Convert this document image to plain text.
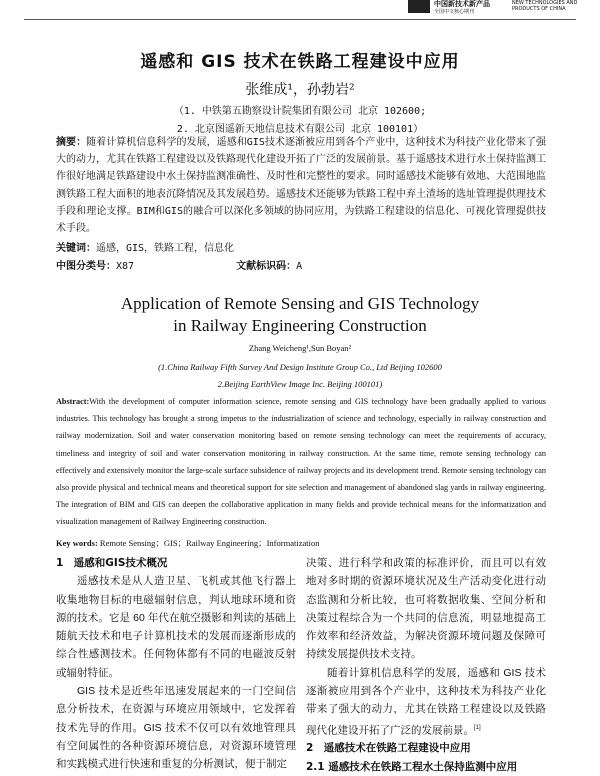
中国新技术新产品
全国中文核心期刊
NEW TECHNOLOGIES AND PRODUCTS OF CHINA
遥感和 GIS 技术在铁路工程建设中应用
张维成¹，孙勃岩²
（1. 中铁第五勘察设计院集团有限公司 北京 102600;
2. 北京图遥新天地信息技术有限公司 北京 100101）
摘要：随着计算机信息科学的发展，遥感和GIS技术逐渐被应用到各个产业中，这种技术为科技产业化带来了强大的动力，尤其在铁路工程建设以及铁路现代化建设开拓了广泛的发展前景。基于遥感技术进行水土保持监测工作很好地满足铁路建设中水土保持监测准确性、及时性和完整性的要求。同时遥感技术能够有效地、大范围地监测铁路工程大面积的地表沉降情况及其发展趋势。遥感技术还能够为铁路工程中弃土渣场的选址管理提供理技术手段和理论支撑。BIM和GIS的融合可以深化多领域的协同应用，为铁路工程建设的信息化、可视化管理提供技术手段。
关键词：遥感，GIS，铁路工程，信息化
中图分类号：X87	文献标识码：A
Application of Remote Sensing and GIS Technology in Railway Engineering Construction
Zhang Weicheng¹,Sun Boyan²
(1.China Railway Fifth Survey And Design Institute Group Co., Ltd Beijing 102600
2.Beijing EarthView Image Inc. Beijing 100101)
Abstract:With the development of computer information science, remote sensing and GIS technology have been gradually applied to various industries. This technology has brought a strong impetus to the industrialization of science and technology, especially in railway construction and railway modernization. Soil and water conservation monitoring based on remote sensing technology can meet the requirements of accuracy, timeliness and integrity of soil and water conservation monitoring in railway construction. At the same time, remote sensing technology can effectively and extensively monitor the large-scale surface subsidence of railway projects and its development trend. Remote sensing technology can also provide physical and technical means and theoretical support for site selection and management of abandoned slag yards in railway engineering. The integration of BIM and GIS can deepen the collaborative application in many fields and provide technical means for the informatization and visualization management of Railway Engineering construction.
Key words: Remote Sensing；GIS；Railway Engineering；Informatization

1　遥感和GIS技术概况

遥感技术是从人造卫星、飞机或其他飞行器上收集地物目标的电磁辐射信息，判认地球环境和资源的技术。它是 60 年代在航空摄影和判读的基础上随航天技术和电子计算机技术的发展而逐渐形成的综合性感测技术。任何物体都有不同的电磁波反射或辐射特征。

GIS 技术是近些年迅速发展起来的一门空间信息分析技术，在资源与环境应用领域中，它发挥着技术先导的作用。GIS 技术不仅可以有效地管理具有空间属性的各种资源环境信息，对资源环境管理和实践模式进行快速和重复的分析测试，便于制定

决策、进行科学和政策的标准评价，而且可以有效地对多时期的资源环境状况及生产活动变化进行动态监测和分析比较，也可将数据收集、空间分析和决策过程综合为一个共同的信息流，明显地提高工作效率和经济效益，为解决资源环境问题及保障可持续发展提供技术支持。

随着计算机信息科学的发展，遥感和 GIS 技术逐渐被应用到各个产业中，这种技术为科技产业化带来了强大的动力，尤其在铁路工程建设以及铁路现代化建设开拓了广泛的发展前景。[1]

2　遥感技术在铁路工程建设中应用

2.1 遥感技术在铁路工程水土保持监测中应用
